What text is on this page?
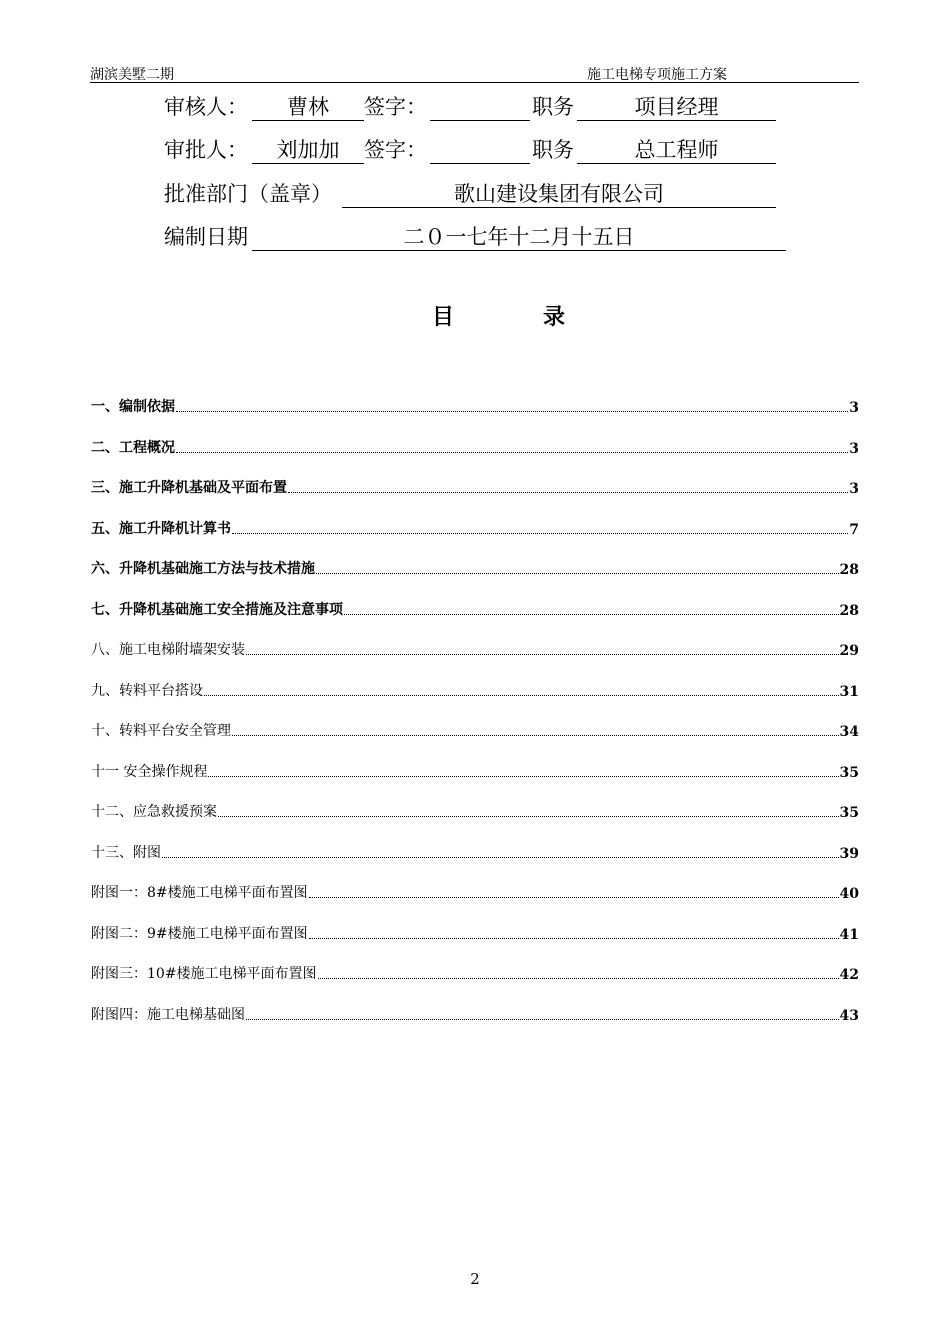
湖滨美墅二期	施工电梯专项施工方案
审核人：	曹林	签字：	职务	项目经理
审批人：	刘加加	签字：	职务	总工程师
批准部门（盖章）	歌山建设集团有限公司
编制日期	二０一七年十二月十五日
目	录
一、编制依据	3
二、工程概况	3
三、施工升降机基础及平面布置	3
五、施工升降机计算书	7
六、升降机基础施工方法与技术措施	28
七、升降机基础施工安全措施及注意事项	28
八、施工电梯附墙架安装	29
九、转料平台搭设	31
十、转料平台安全管理	34
十一 安全操作规程	35
十二、应急救援预案	35
十三、附图	39
附图一：8#楼施工电梯平面布置图	40
附图二：9#楼施工电梯平面布置图	41
附图三：10#楼施工电梯平面布置图	42
附图四：施工电梯基础图	43
2
